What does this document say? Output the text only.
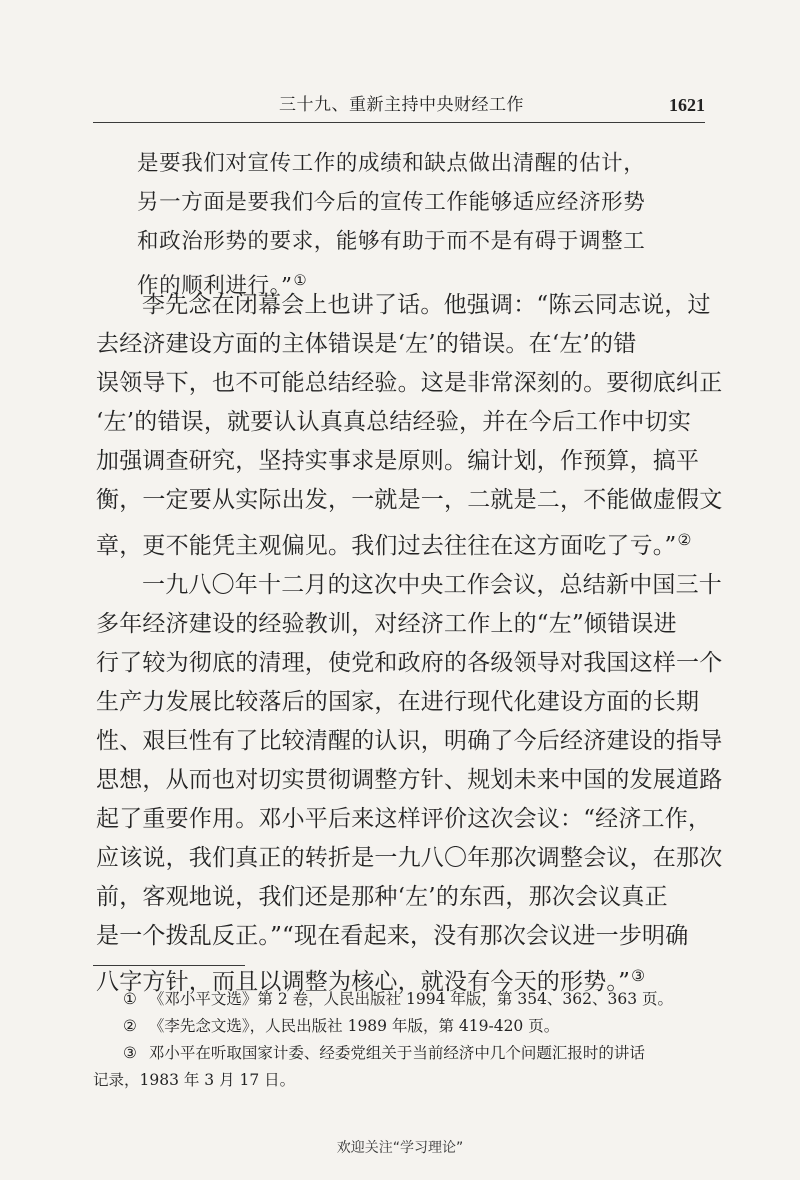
三十九、重新主持中央财经工作	1621
是要我们对宣传工作的成绩和缺点做出清醒的估计，
另一方面是要我们今后的宣传工作能够适应经济形势
和政治形势的要求，能够有助于而不是有碍于调整工
作的顺利进行。”①
李先念在闭幕会上也讲了话。他强调：“陈云同志说，过
去经济建设方面的主体错误是‘左’的错误。在‘左’的错
误领导下，也不可能总结经验。这是非常深刻的。要彻底纠正
‘左’的错误，就要认认真真总结经验，并在今后工作中切实
加强调查研究，坚持实事求是原则。编计划，作预算，搞平
衡，一定要从实际出发，一就是一，二就是二，不能做虚假文
章，更不能凭主观偏见。我们过去往往在这方面吃了亏。”②
一九八〇年十二月的这次中央工作会议，总结新中国三十
多年经济建设的经验教训，对经济工作上的“左”倾错误进
行了较为彻底的清理，使党和政府的各级领导对我国这样一个
生产力发展比较落后的国家，在进行现代化建设方面的长期
性、艰巨性有了比较清醒的认识，明确了今后经济建设的指导
思想，从而也对切实贯彻调整方针、规划未来中国的发展道路
起了重要作用。邓小平后来这样评价这次会议：“经济工作，
应该说，我们真正的转折是一九八〇年那次调整会议，在那次
前，客观地说，我们还是那种‘左’的东西，那次会议真正
是一个拨乱反正。”“现在看起来，没有那次会议进一步明确
八字方针，而且以调整为核心，就没有今天的形势。”③
① 《邓小平文选》第 2 卷，人民出版社 1994 年版，第 354、362、363 页。
② 《李先念文选》，人民出版社 1989 年版，第 419-420 页。
③ 邓小平在听取国家计委、经委党组关于当前经济中几个问题汇报时的讲话
记录，1983 年 3 月 17 日。
欢迎关注“学习理论”
